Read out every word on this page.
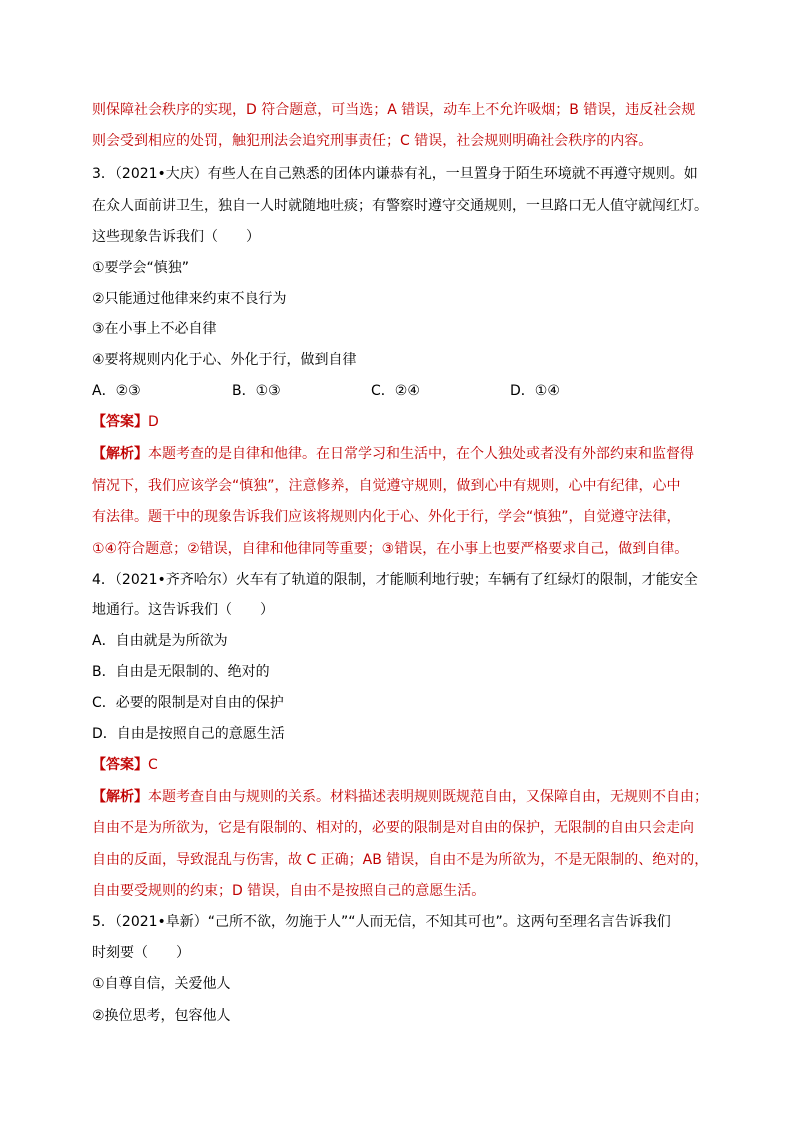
则保障社会秩序的实现，D 符合题意，可当选；A 错误，动车上不允许吸烟；B 错误，违反社会规
则会受到相应的处罚，触犯刑法会追究刑事责任；C 错误，社会规则明确社会秩序的内容。
3．（2021•大庆）有些人在自己熟悉的团体内谦恭有礼，一旦置身于陌生环境就不再遵守规则。如
在众人面前讲卫生，独自一人时就随地吐痰；有警察时遵守交通规则，一旦路口无人值守就闯红灯。
这些现象告诉我们（　　）
①要学会“慎独”
②只能通过他律来约束不良行为
③在小事上不必自律
④要将规则内化于心、外化于行，做到自律
A．②③	B．①③	C．②④	D．①④
【答案】D
【解析】本题考查的是自律和他律。在日常学习和生活中，在个人独处或者没有外部约束和监督得
情况下，我们应该学会“慎独”，注意修养，自觉遵守规则，做到心中有规则，心中有纪律，心中
有法律。题干中的现象告诉我们应该将规则内化于心、外化于行，学会“慎独”，自觉遵守法律，
①④符合题意；②错误，自律和他律同等重要；③错误，在小事上也要严格要求自己，做到自律。
4．（2021•齐齐哈尔）火车有了轨道的限制，才能顺利地行驶；车辆有了红绿灯的限制，才能安全
地通行。这告诉我们（　　）
A．自由就是为所欲为
B．自由是无限制的、绝对的
C．必要的限制是对自由的保护
D．自由是按照自己的意愿生活
【答案】C
【解析】本题考查自由与规则的关系。材料描述表明规则既规范自由，又保障自由，无规则不自由；
自由不是为所欲为，它是有限制的、相对的，必要的限制是对自由的保护，无限制的自由只会走向
自由的反面，导致混乱与伤害，故 C 正确；AB 错误，自由不是为所欲为，不是无限制的、绝对的，
自由要受规则的约束；D 错误，自由不是按照自己的意愿生活。
5．（2021•阜新）“己所不欲，勿施于人”“人而无信，不知其可也”。这两句至理名言告诉我们
时刻要（　　）
①自尊自信，关爱他人
②换位思考，包容他人
